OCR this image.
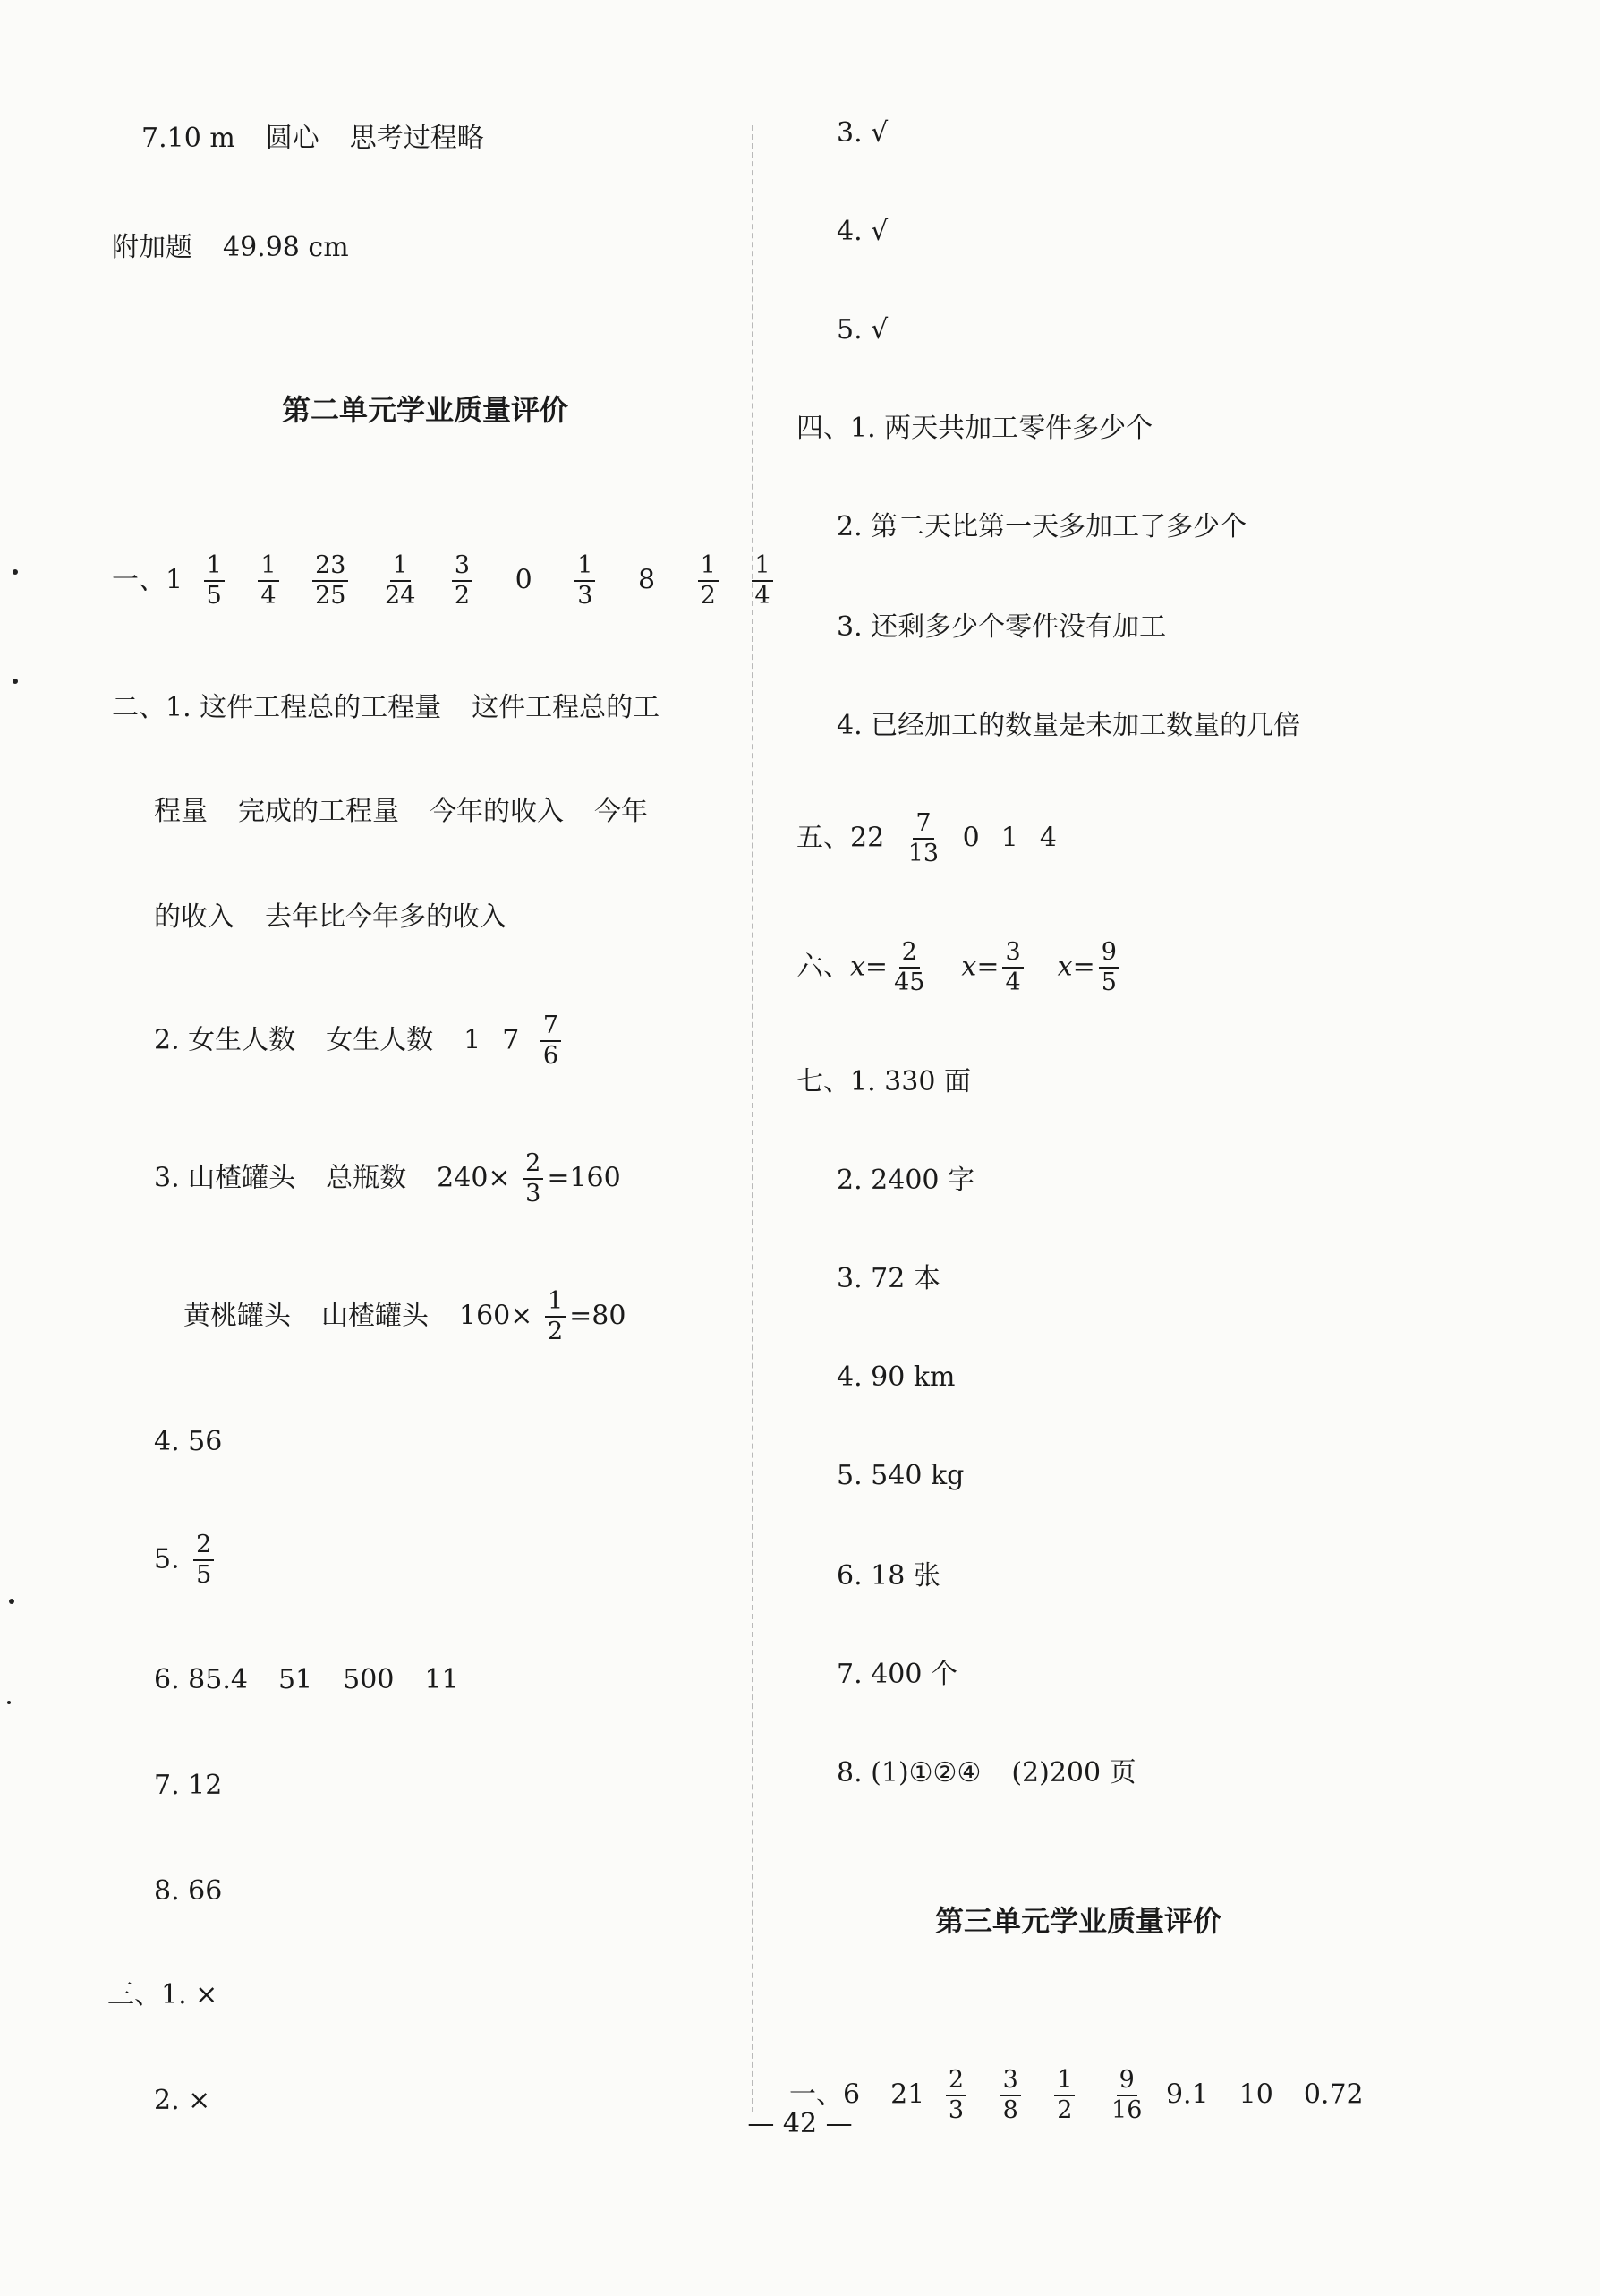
7.10 m 圆心 思考过程略
附加题 49.98 cm
第二单元学业质量评价
一、$1 \frac{1}{5}$
$\frac{1}{4}$
$\frac{23}{25}$
$\frac{1}{24}$
$\frac{3}{2} 0 \frac{1}{3} 8 \frac{1}{2}$
$\frac{1}{4}$
二、1. 这件工程总的工程量 这件工程总的工
程量 完成的工程量 今年的收入 今年
的收入 去年比今年多的收入
2. 女生人数 女生人数 1 $7 \frac{7}{6}$
3. 山楂罐头 总瓶数 $240\times \frac{2}{3} =160$
黄桃罐头 山楂罐头 $160\times \frac{1}{2} =80$
4. 56
5. $\frac{2}{5}$
6. 85.4 51 500 11
7. 12
8. 66
三、1. ×
2. ×
3. √
4. √
5. √
四、1. 两天共加工零件多少个
2. 第二天比第一天多加工了多少个
3. 还剩多少个零件没有加工
4. 已经加工的数量是未加工数量的几倍
五、$22 \frac{7}{13} 0$ 1 4
六、$x= \frac{2}{45} x= \frac{3}{4} x= \frac{9}{5}$
七、1. 330 面
2. 2400 字
3. 72 本
4. 90 km
5. 540 kg
6. 18 张
7. 400 个
8. (1)①②④ (2)200 页
第三单元学业质量评价
一、6 $21 \frac{2}{3}$
$\frac{3}{8}$
$\frac{1}{2}$
$\frac{9}{16} 9.1$ 10 0.72
— 42 —
